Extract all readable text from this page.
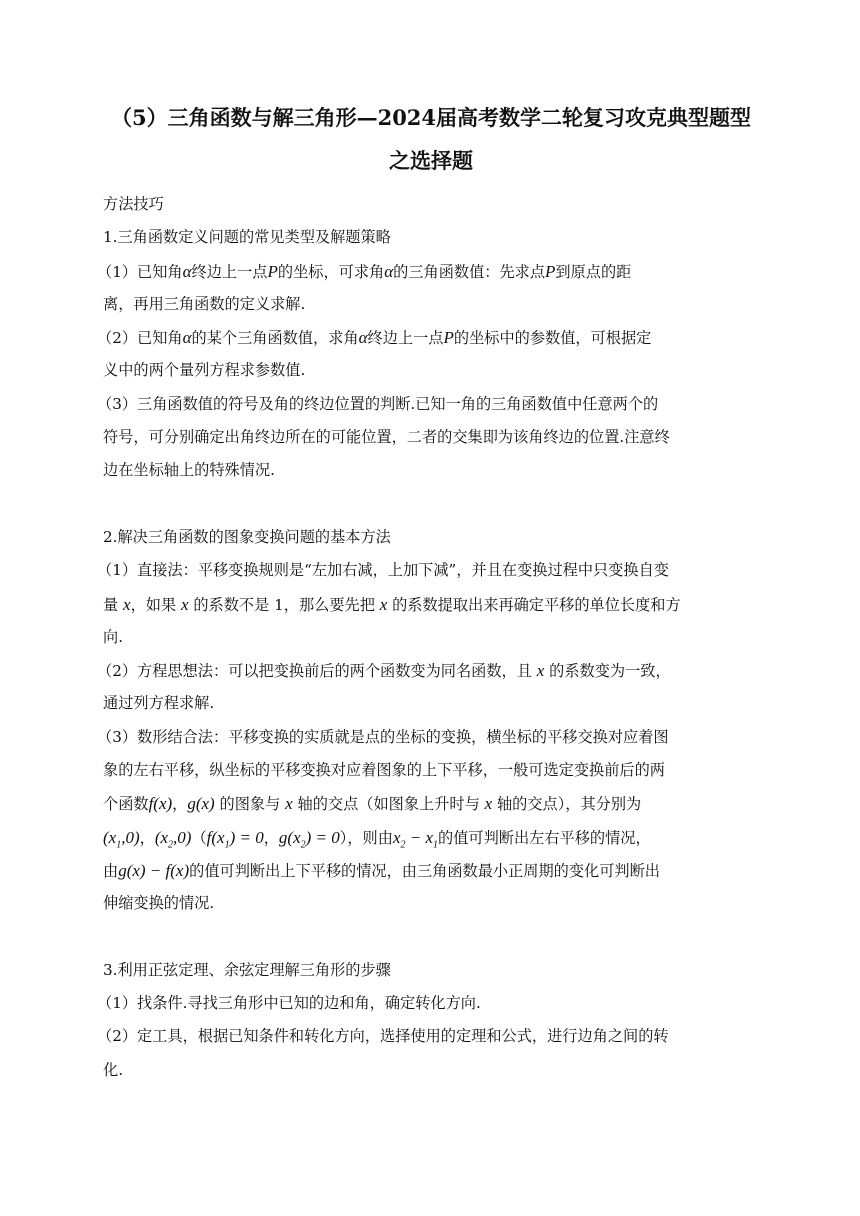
（5）三角函数与解三角形—2024届高考数学二轮复习攻克典型题型
之选择题
方法技巧
1.三角函数定义问题的常见类型及解题策略
（1）已知角α终边上一点P的坐标，可求角α的三角函数值：先求点P到原点的距
离，再用三角函数的定义求解.
（2）已知角α的某个三角函数值，求角α终边上一点P的坐标中的参数值，可根据定
义中的两个量列方程求参数值.
（3）三角函数值的符号及角的终边位置的判断.已知一角的三角函数值中任意两个的
符号，可分别确定出角终边所在的可能位置，二者的交集即为该角终边的位置.注意终
边在坐标轴上的特殊情况.
2.解决三角函数的图象变换问题的基本方法
（1）直接法：平移变换规则是“左加右减，上加下减”，并且在变换过程中只变换自变
量 x，如果 x 的系数不是 1，那么要先把 x 的系数提取出来再确定平移的单位长度和方
向.
（2）方程思想法：可以把变换前后的两个函数变为同名函数，且 x 的系数变为一致，
通过列方程求解.
（3）数形结合法：平移变换的实质就是点的坐标的变换，横坐标的平移交换对应着图
象的左右平移，纵坐标的平移变换对应着图象的上下平移，一般可选定变换前后的两
个函数f(x)，g(x) 的图象与 x 轴的交点（如图象上升时与 x 轴的交点），其分别为
$(x_1,0)$，$(x_2,0)(f(x_1) = 0$，$g(x_2) = 0$），则由$x_2 - x_1$的值可判断出左右平移的情况，
由g(x) − f(x)的值可判断出上下平移的情况，由三角函数最小正周期的变化可判断出
伸缩变换的情况.
3.利用正弦定理、余弦定理解三角形的步骤
（1）找条件.寻找三角形中已知的边和角，确定转化方向.
（2）定工具，根据已知条件和转化方向，选择使用的定理和公式，进行边角之间的转
化.
